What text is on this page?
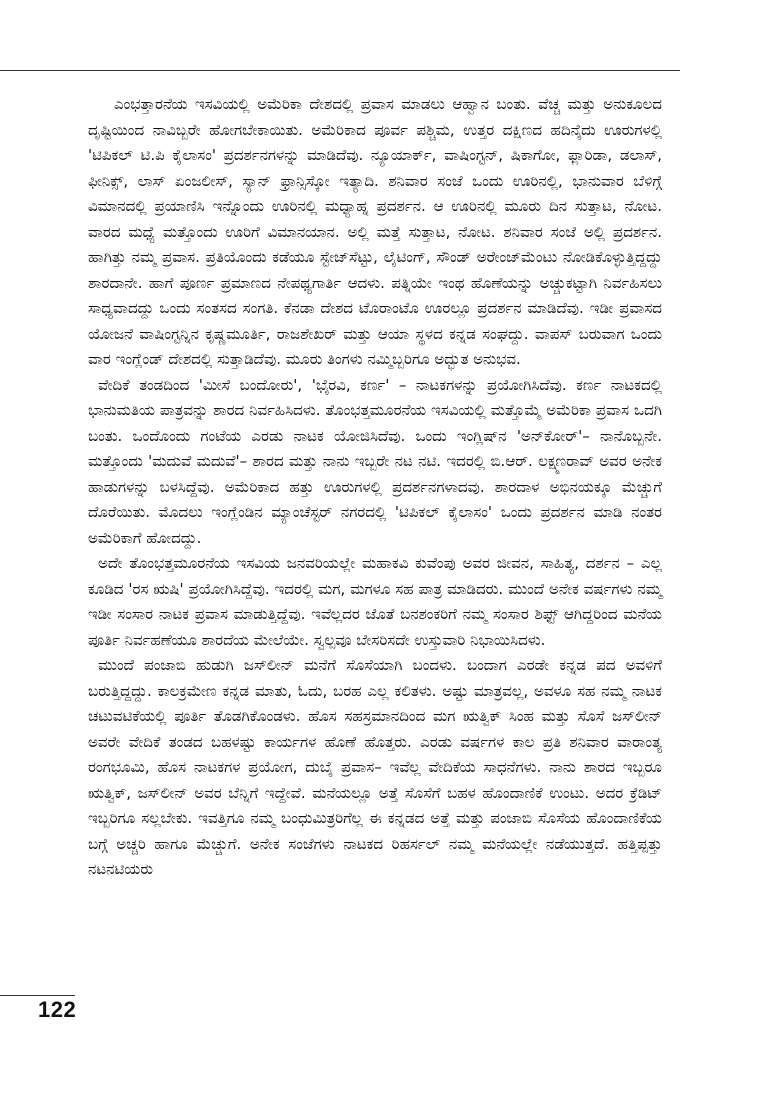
ಎಂಭತ್ತಾರನೆಯ ಇಸವಿಯಲ್ಲಿ ಅಮೆರಿಕಾ ದೇಶದಲ್ಲಿ ಪ್ರವಾಸ ಮಾಡಲು ಆಹ್ವಾನ ಬಂತು. ವೆಚ್ಚ ಮತ್ತು ಅನುಕೂಲದ ದೃಷ್ಟಿಯಿಂದ ನಾವಿಬ್ಬರೇ ಹೋಗಬೇಕಾಯಿತು. ಅಮೆರಿಕಾದ ಪೂರ್ವ ಪಶ್ಚಿಮ, ಉತ್ತರ ದಕ್ಷಿಣದ ಹದಿನೈದು ಊರುಗಳಲ್ಲಿ 'ಟಿಪಿಕಲ್ ಟಿ.ಪಿ ಕೈಲಾಸಂ' ಪ್ರದರ್ಶನಗಳನ್ನು ಮಾಡಿದೆವು. ನ್ಯೂಯಾರ್ಕ್, ವಾಷಿಂಗ್ಟನ್, ಷಿಕಾಗೋ, ಫ್ಲಾರಿಡಾ, ಡಲಾಸ್, ಫೀನಿಕ್ಸ್, ಲಾಸ್ ಏಂಜಲೀಸ್, ಸ್ಯಾನ್ ಫ್ರಾನ್ಸಿಸ್ಕೋ ಇತ್ಯಾದಿ. ಶನಿವಾರ ಸಂಜೆ ಒಂದು ಊರಿನಲ್ಲಿ, ಭಾನುವಾರ ಬೆಳಿಗ್ಗೆ ವಿಮಾನದಲ್ಲಿ ಪ್ರಯಾಣಿಸಿ ಇನ್ನೊಂದು ಊರಿನಲ್ಲಿ ಮಧ್ಯಾಹ್ನ ಪ್ರದರ್ಶನ. ಆ ಊರಿನಲ್ಲಿ ಮೂರು ದಿನ ಸುತ್ತಾಟ, ನೋಟ. ವಾರದ ಮಧ್ಯೆ ಮತ್ತೊಂದು ಊರಿಗೆ ವಿಮಾನಯಾನ. ಅಲ್ಲಿ ಮತ್ತೆ ಸುತ್ತಾಟ, ನೋಟ. ಶನಿವಾರ ಸಂಜೆ ಅಲ್ಲಿ ಪ್ರದರ್ಶನ. ಹಾಗಿತ್ತು ನಮ್ಮ ಪ್ರವಾಸ. ಪ್ರತಿಯೊಂದು ಕಡೆಯೂ ಸ್ಟೇಜ್‌ಸೆಟ್ಟು, ಲೈಟಿಂಗ್, ಸೌಂಡ್ ಅರೇಂಜ್‌ಮೆಂಟು ನೋಡಿಕೊಳ್ಳುತ್ತಿದ್ದದ್ದು ಶಾರದಾನೇ. ಹಾಗೆ ಪೂರ್ಣ ಪ್ರಮಾಣದ ನೇಪಥ್ಯಗಾರ್ತಿ ಆದಳು. ಪತ್ನಿಯೇ ಇಂಥ ಹೊಣೆಯನ್ನು ಅಚ್ಚುಕಟ್ಟಾಗಿ ನಿರ್ವಹಿಸಲು ಸಾಧ್ಯವಾದದ್ದು ಒಂದು ಸಂತಸದ ಸಂಗತಿ. ಕೆನಡಾ ದೇಶದ ಟೊರಾಂಟೊ ಊರಲ್ಲೂ ಪ್ರದರ್ಶನ ಮಾಡಿದೆವು. ಇಡೀ ಪ್ರವಾಸದ ಯೋಜನೆ ವಾಷಿಂಗ್ಟನ್ನಿನ ಕೃಷ್ಣಮೂರ್ತಿ, ರಾಜಶೇಖರ್ ಮತ್ತು ಆಯಾ ಸ್ಥಳದ ಕನ್ನಡ ಸಂಘದ್ದು. ವಾಪಸ್ ಬರುವಾಗ ಒಂದು ವಾರ ಇಂಗ್ಲೆಂಡ್ ದೇಶದಲ್ಲಿ ಸುತ್ತಾಡಿದೆವು. ಮೂರು ತಿಂಗಳು ನಮ್ಮಿಬ್ಬರಿಗೂ ಅದ್ಭುತ ಅನುಭವ.

ವೇದಿಕೆ ತಂಡದಿಂದ 'ಮೀಸೆ ಬಂದೋರು', 'ಭೈರವಿ, ಕರ್ಣ' – ನಾಟಕಗಳನ್ನು ಪ್ರಯೋಗಿಸಿದೆವು. ಕರ್ಣ ನಾಟಕದಲ್ಲಿ ಭಾನುಮತಿಯ ಪಾತ್ರವನ್ನು ಶಾರದ ನಿರ್ವಹಿಸಿದಳು. ತೊಂಭತ್ತಮೂರನೆಯ ಇಸವಿಯಲ್ಲಿ ಮತ್ತೊಮ್ಮೆ ಅಮೆರಿಕಾ ಪ್ರವಾಸ ಒದಗಿ ಬಂತು. ಒಂದೊಂದು ಗಂಟೆಯ ಎರಡು ನಾಟಕ ಯೋಜಿಸಿದೆವು. ಒಂದು ಇಂಗ್ಲಿಷ್‌ನ 'ಅನ್‌ಕೋರ್'– ನಾನೊಬ್ಬನೇ. ಮತ್ತೊಂದು 'ಮದುವೆ ಮದುವೆ'– ಶಾರದ ಮತ್ತು ನಾನು ಇಬ್ಬರೇ ನಟ ನಟಿ. ಇದರಲ್ಲಿ ಬಿ.ಆರ್. ಲಕ್ಷ್ಮಣರಾವ್ ಅವರ ಅನೇಕ ಹಾಡುಗಳನ್ನು ಬಳಸಿದ್ದೆವು. ಅಮೆರಿಕಾದ ಹತ್ತು ಊರುಗಳಲ್ಲಿ ಪ್ರದರ್ಶನಗಳಾದವು. ಶಾರದಾಳ ಅಭಿನಯಕ್ಕೂ ಮೆಚ್ಚುಗೆ ದೊರೆಯಿತು. ಮೊದಲು ಇಂಗ್ಲೆಂಡಿನ ಮ್ಯಾಂಚೆಸ್ಟರ್ ನಗರದಲ್ಲಿ 'ಟಿಪಿಕಲ್ ಕೈಲಾಸಂ' ಒಂದು ಪ್ರದರ್ಶನ ಮಾಡಿ ನಂತರ ಅಮೆರಿಕಾಗೆ ಹೋದದ್ದು.

ಅದೇ ತೊಂಭತ್ತಮೂರನೆಯ ಇಸವಿಯ ಜನವರಿಯಲ್ಲೇ ಮಹಾಕವಿ ಕುವೆಂಪು ಅವರ ಜೀವನ, ಸಾಹಿತ್ಯ, ದರ್ಶನ – ಎಲ್ಲ ಕೂಡಿದ 'ರಸ ಋಷಿ' ಪ್ರಯೋಗಿಸಿದ್ದೆವು. ಇದರಲ್ಲಿ ಮಗ, ಮಗಳೂ ಸಹ ಪಾತ್ರ ಮಾಡಿದರು. ಮುಂದೆ ಅನೇಕ ವರ್ಷಗಳು ನಮ್ಮ ಇಡೀ ಸಂಸಾರ ನಾಟಕ ಪ್ರವಾಸ ಮಾಡುತ್ತಿದ್ದೆವು. ಇವೆಲ್ಲದರ ಜೊತೆ ಬನಶಂಕರಿಗೆ ನಮ್ಮ ಸಂಸಾರ ಶಿಫ್ಟ್ ಆಗಿದ್ದರಿಂದ ಮನೆಯ ಪೂರ್ತಿ ನಿರ್ವಹಣೆಯೂ ಶಾರದೆಯ ಮೇಲೆಯೇ. ಸ್ವಲ್ಪವೂ ಬೇಸರಿಸದೇ ಉಸ್ತುವಾರಿ ನಿಭಾಯಿಸಿದಳು.

ಮುಂದೆ ಪಂಜಾಬಿ ಹುಡುಗಿ ಜಸ್‌ಲೀನ್ ಮನೆಗೆ ಸೊಸೆಯಾಗಿ ಬಂದಳು. ಬಂದಾಗ ಎರಡೇ ಕನ್ನಡ ಪದ ಅವಳಿಗೆ ಬರುತ್ತಿದ್ದದ್ದು. ಕಾಲಕ್ರಮೇಣ ಕನ್ನಡ ಮಾತು, ಓದು, ಬರಹ ಎಲ್ಲ ಕಲಿತಳು. ಅಷ್ಟು ಮಾತ್ರವಲ್ಲ, ಅವಳೂ ಸಹ ನಮ್ಮ ನಾಟಕ ಚಟುವಟಿಕೆಯಲ್ಲಿ ಪೂರ್ತಿ ತೊಡಗಿಕೊಂಡಳು. ಹೊಸ ಸಹಸ್ರಮಾನದಿಂದ ಮಗ ಋತ್ವಿಕ್ ಸಿಂಹ ಮತ್ತು ಸೊಸೆ ಜಸ್‌ಲೀನ್ ಅವರೇ ವೇದಿಕೆ ತಂಡದ ಬಹಳಷ್ಟು ಕಾರ್ಯಗಳ ಹೊಣೆ ಹೊತ್ತರು. ಎರಡು ವರ್ಷಗಳ ಕಾಲ ಪ್ರತಿ ಶನಿವಾರ ವಾರಾಂತ್ಯ ರಂಗಭೂಮಿ, ಹೊಸ ನಾಟಕಗಳ ಪ್ರಯೋಗ, ದುಬೈ ಪ್ರವಾಸ– ಇವೆಲ್ಲ ವೇದಿಕೆಯ ಸಾಧನೆಗಳು. ನಾನು ಶಾರದ ಇಬ್ಬರೂ ಋತ್ವಿಕ್, ಜಸ್‌ಲೀನ್ ಅವರ ಬೆನ್ನಿಗೆ ಇದ್ದೇವೆ. ಮನೆಯಲ್ಲೂ ಅತ್ತೆ ಸೊಸೆಗೆ ಬಹಳ ಹೊಂದಾಣಿಕೆ ಉಂಟು. ಅದರ ಕ್ರೆಡಿಟ್ ಇಬ್ಬರಿಗೂ ಸಲ್ಲಬೇಕು. ಇವತ್ತಿಗೂ ನಮ್ಮ ಬಂಧುಮಿತ್ರರಿಗೆಲ್ಲ ಈ ಕನ್ನಡದ ಅತ್ತೆ ಮತ್ತು ಪಂಜಾಬಿ ಸೊಸೆಯ ಹೊಂದಾಣಿಕೆಯ ಬಗ್ಗೆ ಅಚ್ಚರಿ ಹಾಗೂ ಮೆಚ್ಚುಗೆ. ಅನೇಕ ಸಂಜೆಗಳು ನಾಟಕದ ರಿಹರ್ಸಲ್ ನಮ್ಮ ಮನೆಯಲ್ಲೇ ನಡೆಯುತ್ತದೆ. ಹತ್ತಿಪ್ಪತ್ತು ನಟನಟಿಯರು

122
